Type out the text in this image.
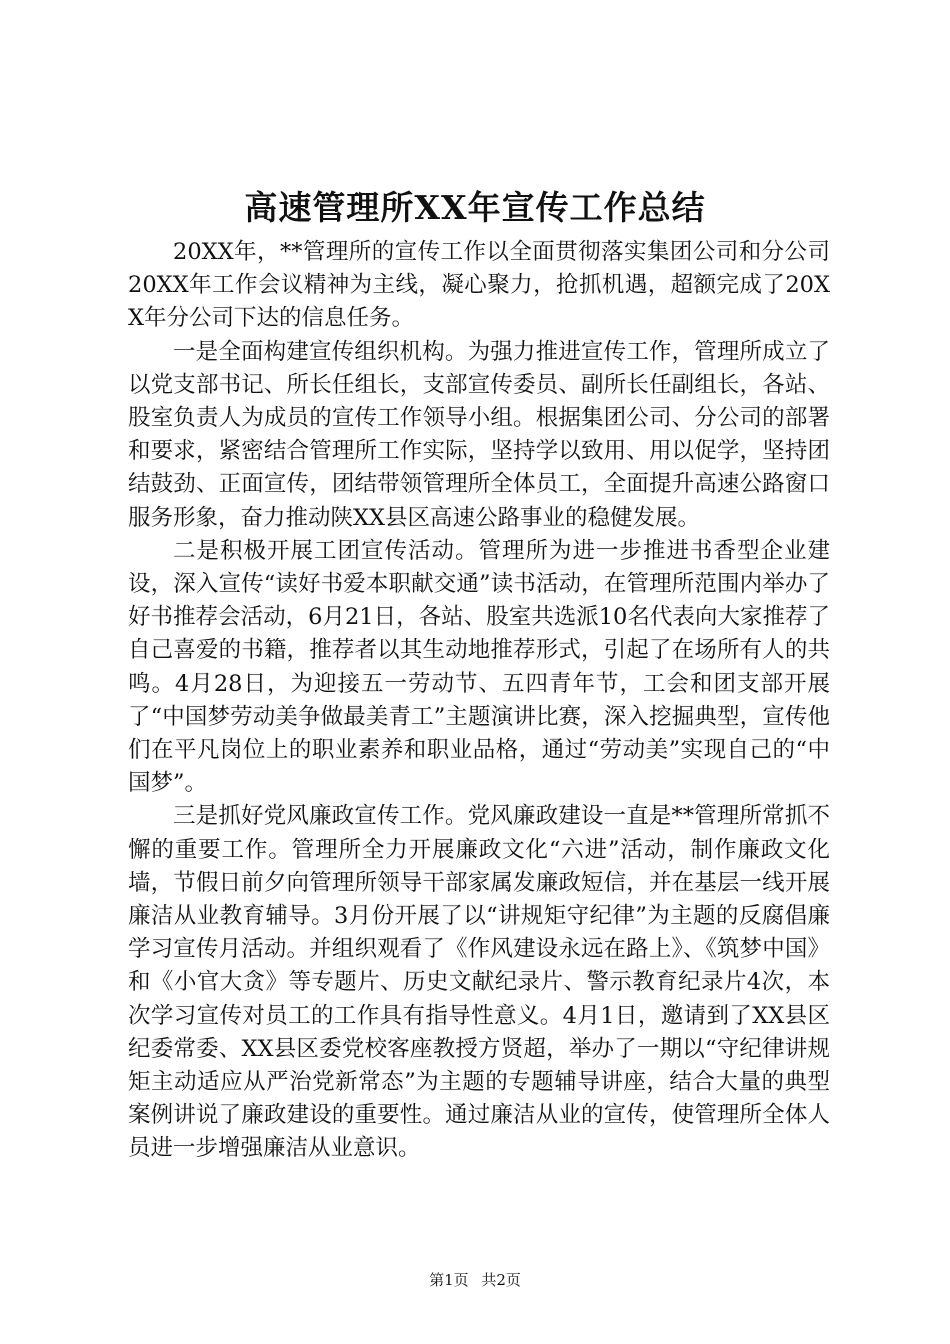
高速管理所XX年宣传工作总结

20XX年，**管理所的宣传工作以全面贯彻落实集团公司和分公司20XX年工作会议精神为主线，凝心聚力，抢抓机遇，超额完成了20XX年分公司下达的信息任务。

一是全面构建宣传组织机构。为强力推进宣传工作，管理所成立了以党支部书记、所长任组长，支部宣传委员、副所长任副组长，各站、股室负责人为成员的宣传工作领导小组。根据集团公司、分公司的部署和要求，紧密结合管理所工作实际，坚持学以致用、用以促学，坚持团结鼓劲、正面宣传，团结带领管理所全体员工，全面提升高速公路窗口服务形象，奋力推动陕XX县区高速公路事业的稳健发展。

二是积极开展工团宣传活动。管理所为进一步推进书香型企业建设，深入宣传“读好书爱本职献交通”读书活动，在管理所范围内举办了好书推荐会活动，6月21日，各站、股室共选派10名代表向大家推荐了自己喜爱的书籍，推荐者以其生动地推荐形式，引起了在场所有人的共鸣。4月28日，为迎接五一劳动节、五四青年节，工会和团支部开展了“中国梦劳动美争做最美青工”主题演讲比赛，深入挖掘典型，宣传他们在平凡岗位上的职业素养和职业品格，通过“劳动美”实现自己的“中国梦”。

三是抓好党风廉政宣传工作。党风廉政建设一直是**管理所常抓不懈的重要工作。管理所全力开展廉政文化“六进”活动，制作廉政文化墙，节假日前夕向管理所领导干部家属发廉政短信，并在基层一线开展廉洁从业教育辅导。3月份开展了以“讲规矩守纪律”为主题的反腐倡廉学习宣传月活动。并组织观看了《作风建设永远在路上》、《筑梦中国》和《小官大贪》等专题片、历史文献纪录片、警示教育纪录片4次，本次学习宣传对员工的工作具有指导性意义。4月1日，邀请到了XX县区纪委常委、XX县区委党校客座教授方贤超，举办了一期以“守纪律讲规矩主动适应从严治党新常态”为主题的专题辅导讲座，结合大量的典型案例讲说了廉政建设的重要性。通过廉洁从业的宣传，使管理所全体人员进一步增强廉洁从业意识。

第1页 共2页
